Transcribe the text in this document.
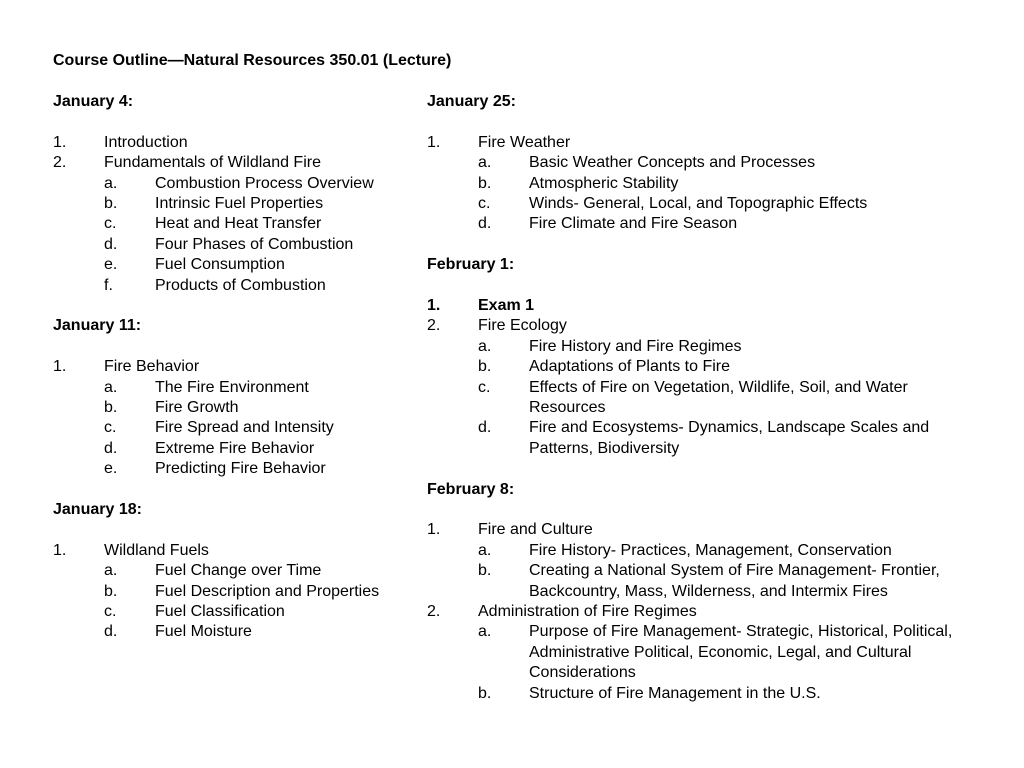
Course Outline—Natural Resources 350.01 (Lecture)
January 4:
1.	Introduction
2.	Fundamentals of Wildland Fire
a.	Combustion Process Overview
b.	Intrinsic Fuel Properties
c.	Heat and Heat Transfer
d.	Four Phases of Combustion
e.	Fuel Consumption
f.	Products of Combustion
January 11:
1.	Fire Behavior
a.	The Fire Environment
b.	Fire Growth
c.	Fire Spread and Intensity
d.	Extreme Fire Behavior
e.	Predicting Fire Behavior
January 18:
1.	Wildland Fuels
a.	Fuel Change over Time
b.	Fuel Description and Properties
c.	Fuel Classification
d.	Fuel Moisture
January 25:
1.	Fire Weather
a.	Basic Weather Concepts and Processes
b.	Atmospheric Stability
c.	Winds- General, Local, and Topographic Effects
d.	Fire Climate and Fire Season
February 1:
1.	Exam 1
2.	Fire Ecology
a.	Fire History and Fire Regimes
b.	Adaptations of Plants to Fire
c.	Effects of Fire on Vegetation, Wildlife, Soil, and Water Resources
d.	Fire and Ecosystems- Dynamics, Landscape Scales and Patterns, Biodiversity
February 8:
1.	Fire and Culture
a.	Fire History- Practices, Management, Conservation
b.	Creating a National System of Fire Management- Frontier, Backcountry, Mass, Wilderness, and Intermix Fires
2.	Administration of Fire Regimes
a.	Purpose of Fire Management- Strategic, Historical, Political, Administrative Political, Economic, Legal, and Cultural Considerations
b.	Structure of Fire Management in the U.S.
